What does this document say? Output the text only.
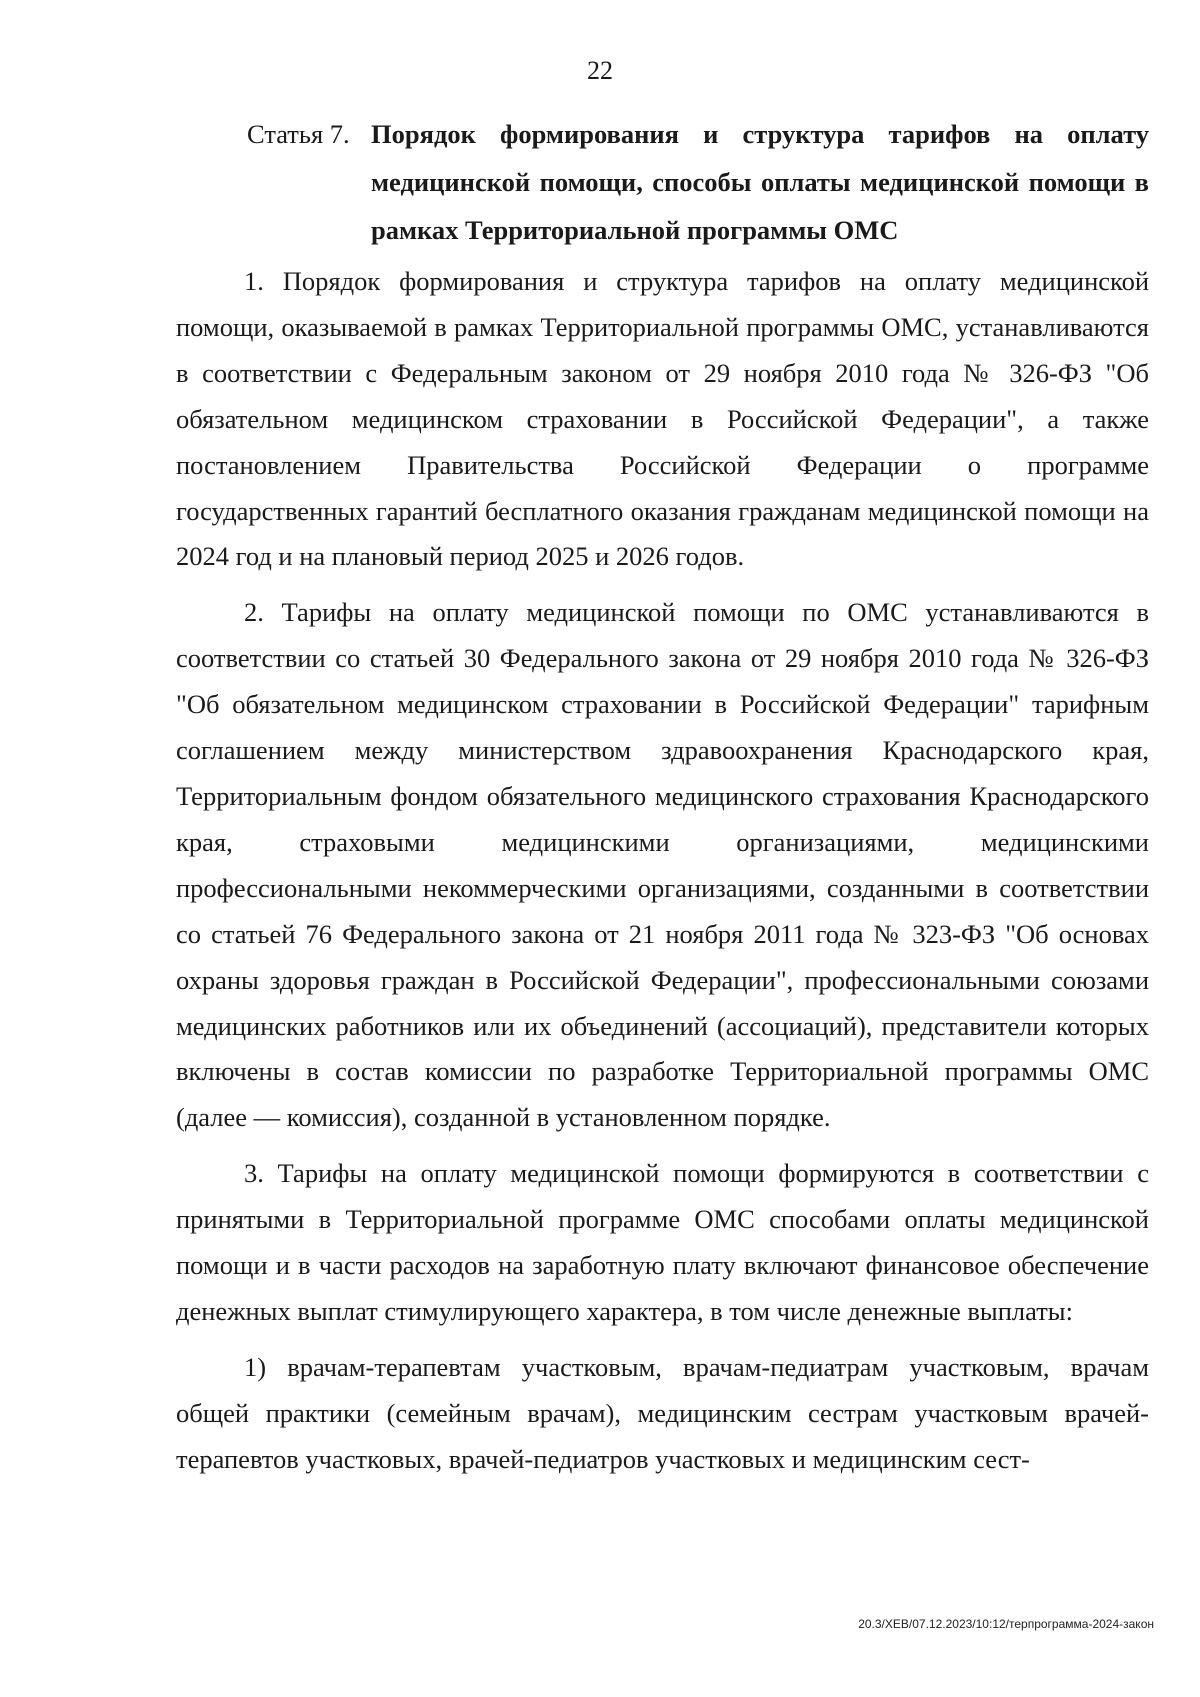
22
Статья 7. Порядок формирования и структура тарифов на оплату медицинской помощи, способы оплаты медицинской помощи в рамках Территориальной программы ОМС

1. Порядок формирования и структура тарифов на оплату медицинской помощи, оказываемой в рамках Территориальной программы ОМС, устанавливаются в соответствии с Федеральным законом от 29 ноября 2010 года № 326-ФЗ "Об обязательном медицинском страховании в Российской Федерации", а также постановлением Правительства Российской Федерации о программе государственных гарантий бесплатного оказания гражданам медицинской помощи на 2024 год и на плановый период 2025 и 2026 годов.

2. Тарифы на оплату медицинской помощи по ОМС устанавливаются в соответствии со статьей 30 Федерального закона от 29 ноября 2010 года № 326-ФЗ "Об обязательном медицинском страховании в Российской Федерации" тарифным соглашением между министерством здравоохранения Краснодарского края, Территориальным фондом обязательного медицинского страхования Краснодарского края, страховыми медицинскими организациями, медицинскими профессиональными некоммерческими организациями, созданными в соответствии со статьей 76 Федерального закона от 21 ноября 2011 года № 323-ФЗ "Об основах охраны здоровья граждан в Российской Федерации", профессиональными союзами медицинских работников или их объединений (ассоциаций), представители которых включены в состав комиссии по разработке Территориальной программы ОМС (далее — комиссия), созданной в установленном порядке.

3. Тарифы на оплату медицинской помощи формируются в соответствии с принятыми в Территориальной программе ОМС способами оплаты медицинской помощи и в части расходов на заработную плату включают финансовое обеспечение денежных выплат стимулирующего характера, в том числе денежные выплаты:

1) врачам-терапевтам участковым, врачам-педиатрам участковым, врачам общей практики (семейным врачам), медицинским сестрам участковым врачей-терапевтов участковых, врачей-педиатров участковых и медицинским сест-

20.3/ХЕВ/07.12.2023/10:12/терпрограмма-2024-закон
